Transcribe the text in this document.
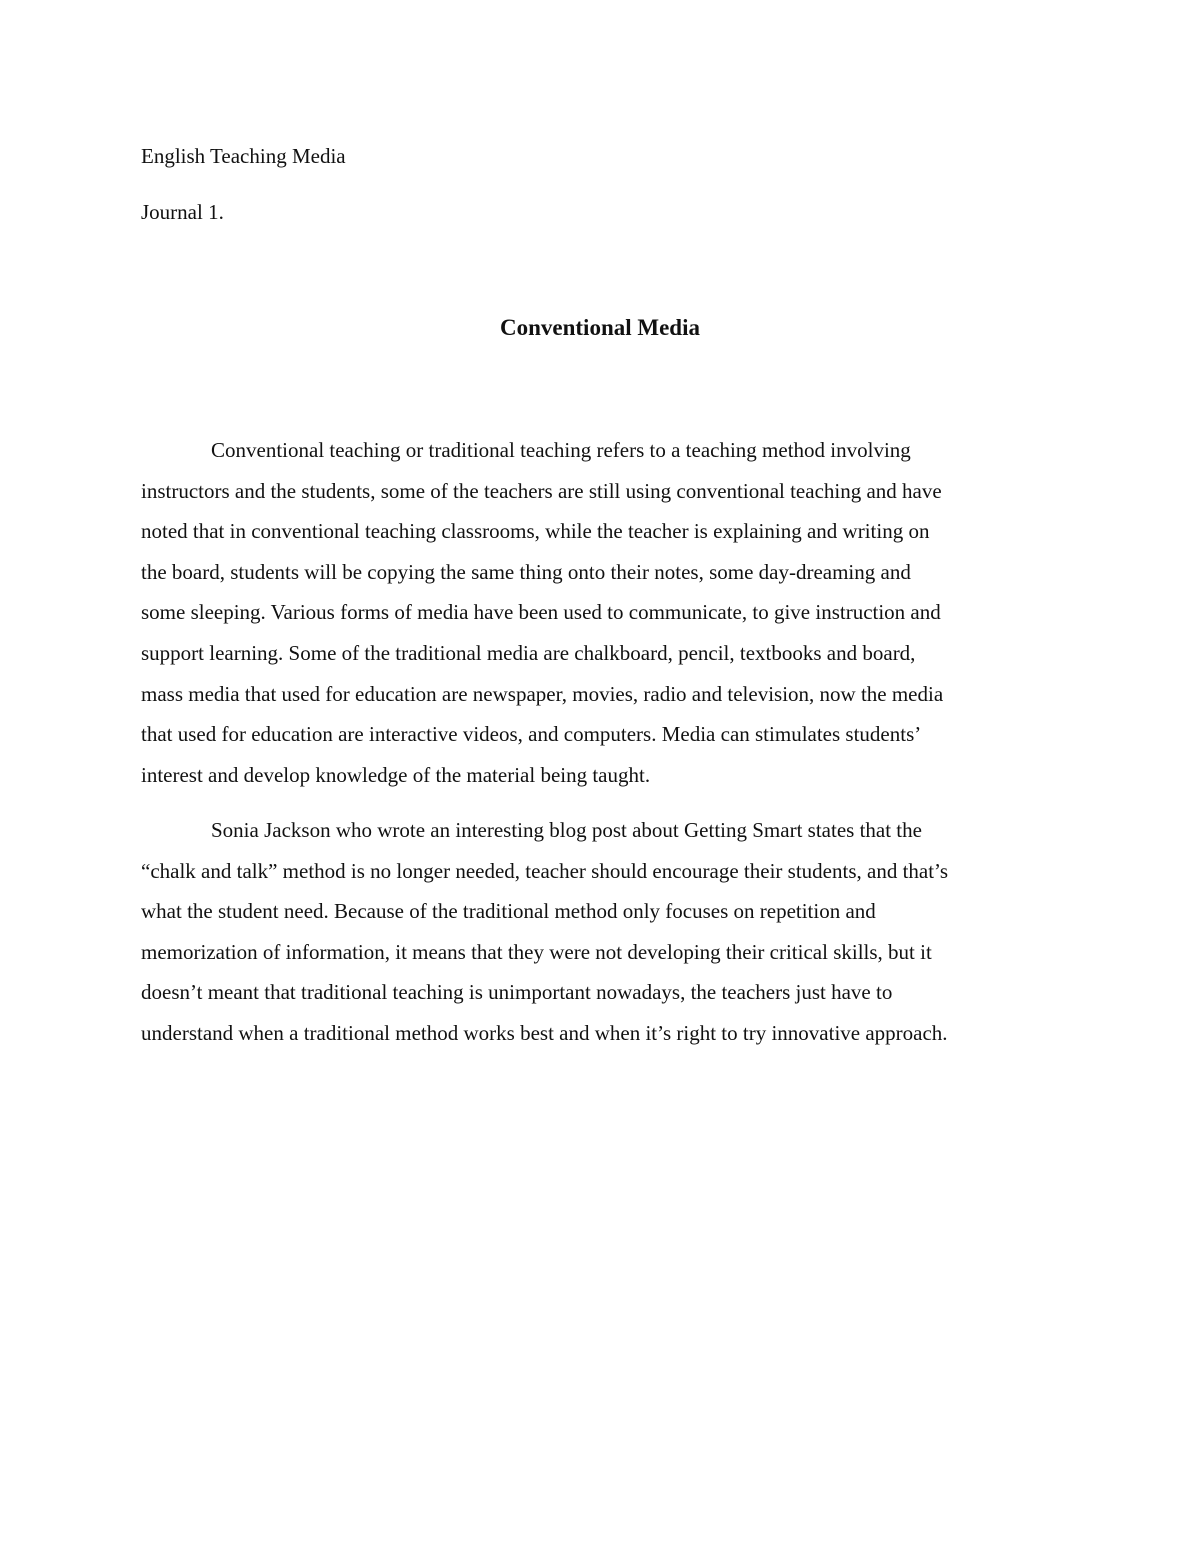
English Teaching Media
Journal 1.
Conventional Media
Conventional teaching or traditional teaching refers to a teaching method involving
instructors and the students, some of the teachers are still using conventional teaching and have
noted that in conventional teaching classrooms, while the teacher is explaining and writing on
the board, students will be copying the same thing onto their notes, some day-dreaming and
some sleeping. Various forms of media have been used to communicate, to give instruction and
support learning. Some of the traditional media are chalkboard, pencil, textbooks and board,
mass media that used for education are newspaper, movies, radio and television, now the media
that used for education are interactive videos, and computers. Media can stimulates students’
interest and develop knowledge of the material being taught.
Sonia Jackson who wrote an interesting blog post about Getting Smart states that the
“chalk and talk” method is no longer needed, teacher should encourage their students, and that’s
what the student need. Because of the traditional method only focuses on repetition and
memorization of information, it means that they were not developing their critical skills, but it
doesn’t meant that traditional teaching is unimportant nowadays, the teachers just have to
understand when a traditional method works best and when it’s right to try innovative approach.
